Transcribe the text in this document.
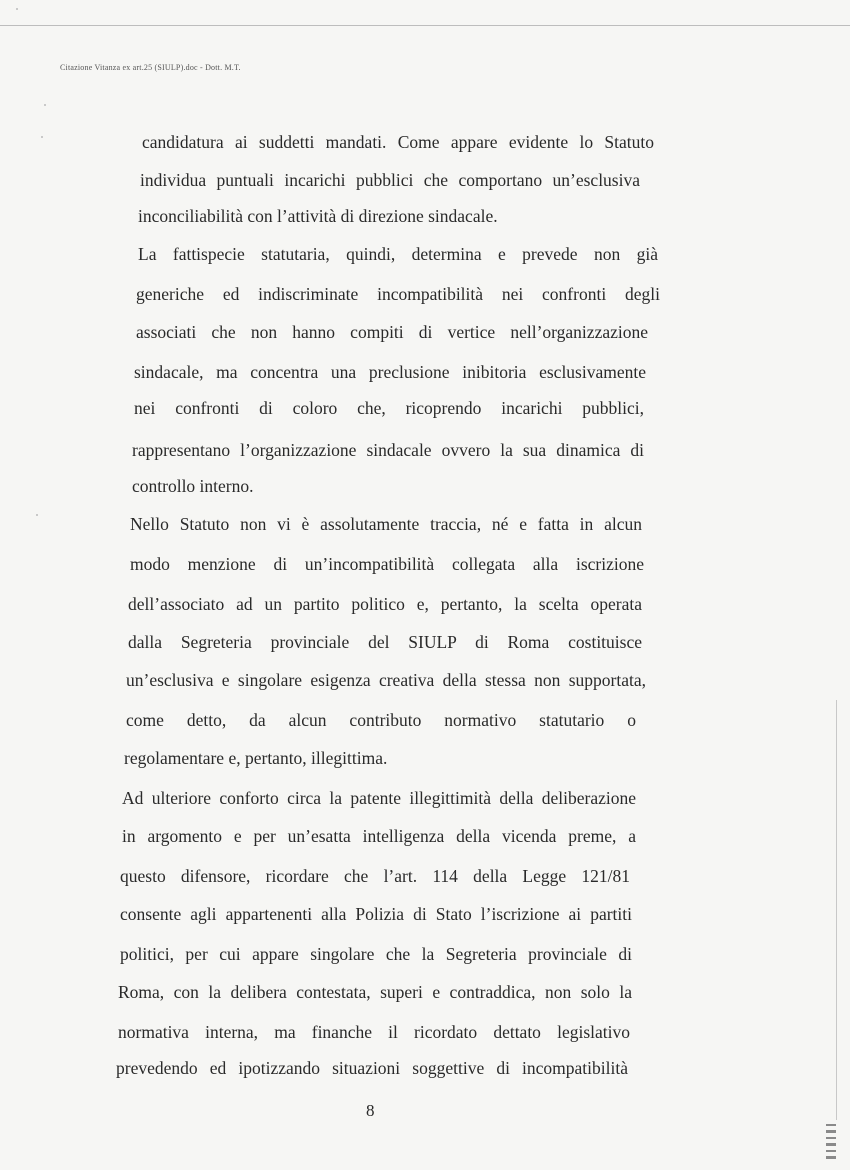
Citazione Vitanza ex art.25 (SIULP).doc - Dott. M.T.
candidatura ai suddetti mandati. Come appare evidente lo Statuto
individua puntuali incarichi pubblici che comportano un’esclusiva
inconciliabilità con l’attività di direzione sindacale.
La fattispecie statutaria, quindi, determina e prevede non già
generiche ed indiscriminate incompatibilità nei confronti degli
associati che non hanno compiti di vertice nell’organizzazione
sindacale, ma concentra una preclusione inibitoria esclusivamente
nei confronti di coloro che, ricoprendo incarichi pubblici,
rappresentano l’organizzazione sindacale ovvero la sua dinamica di
controllo interno.
Nello Statuto non vi è assolutamente traccia, né e fatta in alcun
modo menzione di un’incompatibilità collegata alla iscrizione
dell’associato ad un partito politico e, pertanto, la scelta operata
dalla Segreteria provinciale del SIULP di Roma costituisce
un’esclusiva e singolare esigenza creativa della stessa non supportata,
come detto, da alcun contributo normativo statutario o
regolamentare e, pertanto, illegittima.
Ad ulteriore conforto circa la patente illegittimità della deliberazione
in argomento e per un’esatta intelligenza della vicenda preme, a
questo difensore, ricordare che l’art. 114 della Legge 121/81
consente agli appartenenti alla Polizia di Stato l’iscrizione ai partiti
politici, per cui appare singolare che la Segreteria provinciale di
Roma, con la delibera contestata, superi e contraddica, non solo la
normativa interna, ma finanche il ricordato dettato legislativo
prevedendo ed ipotizzando situazioni soggettive di incompatibilità
8
